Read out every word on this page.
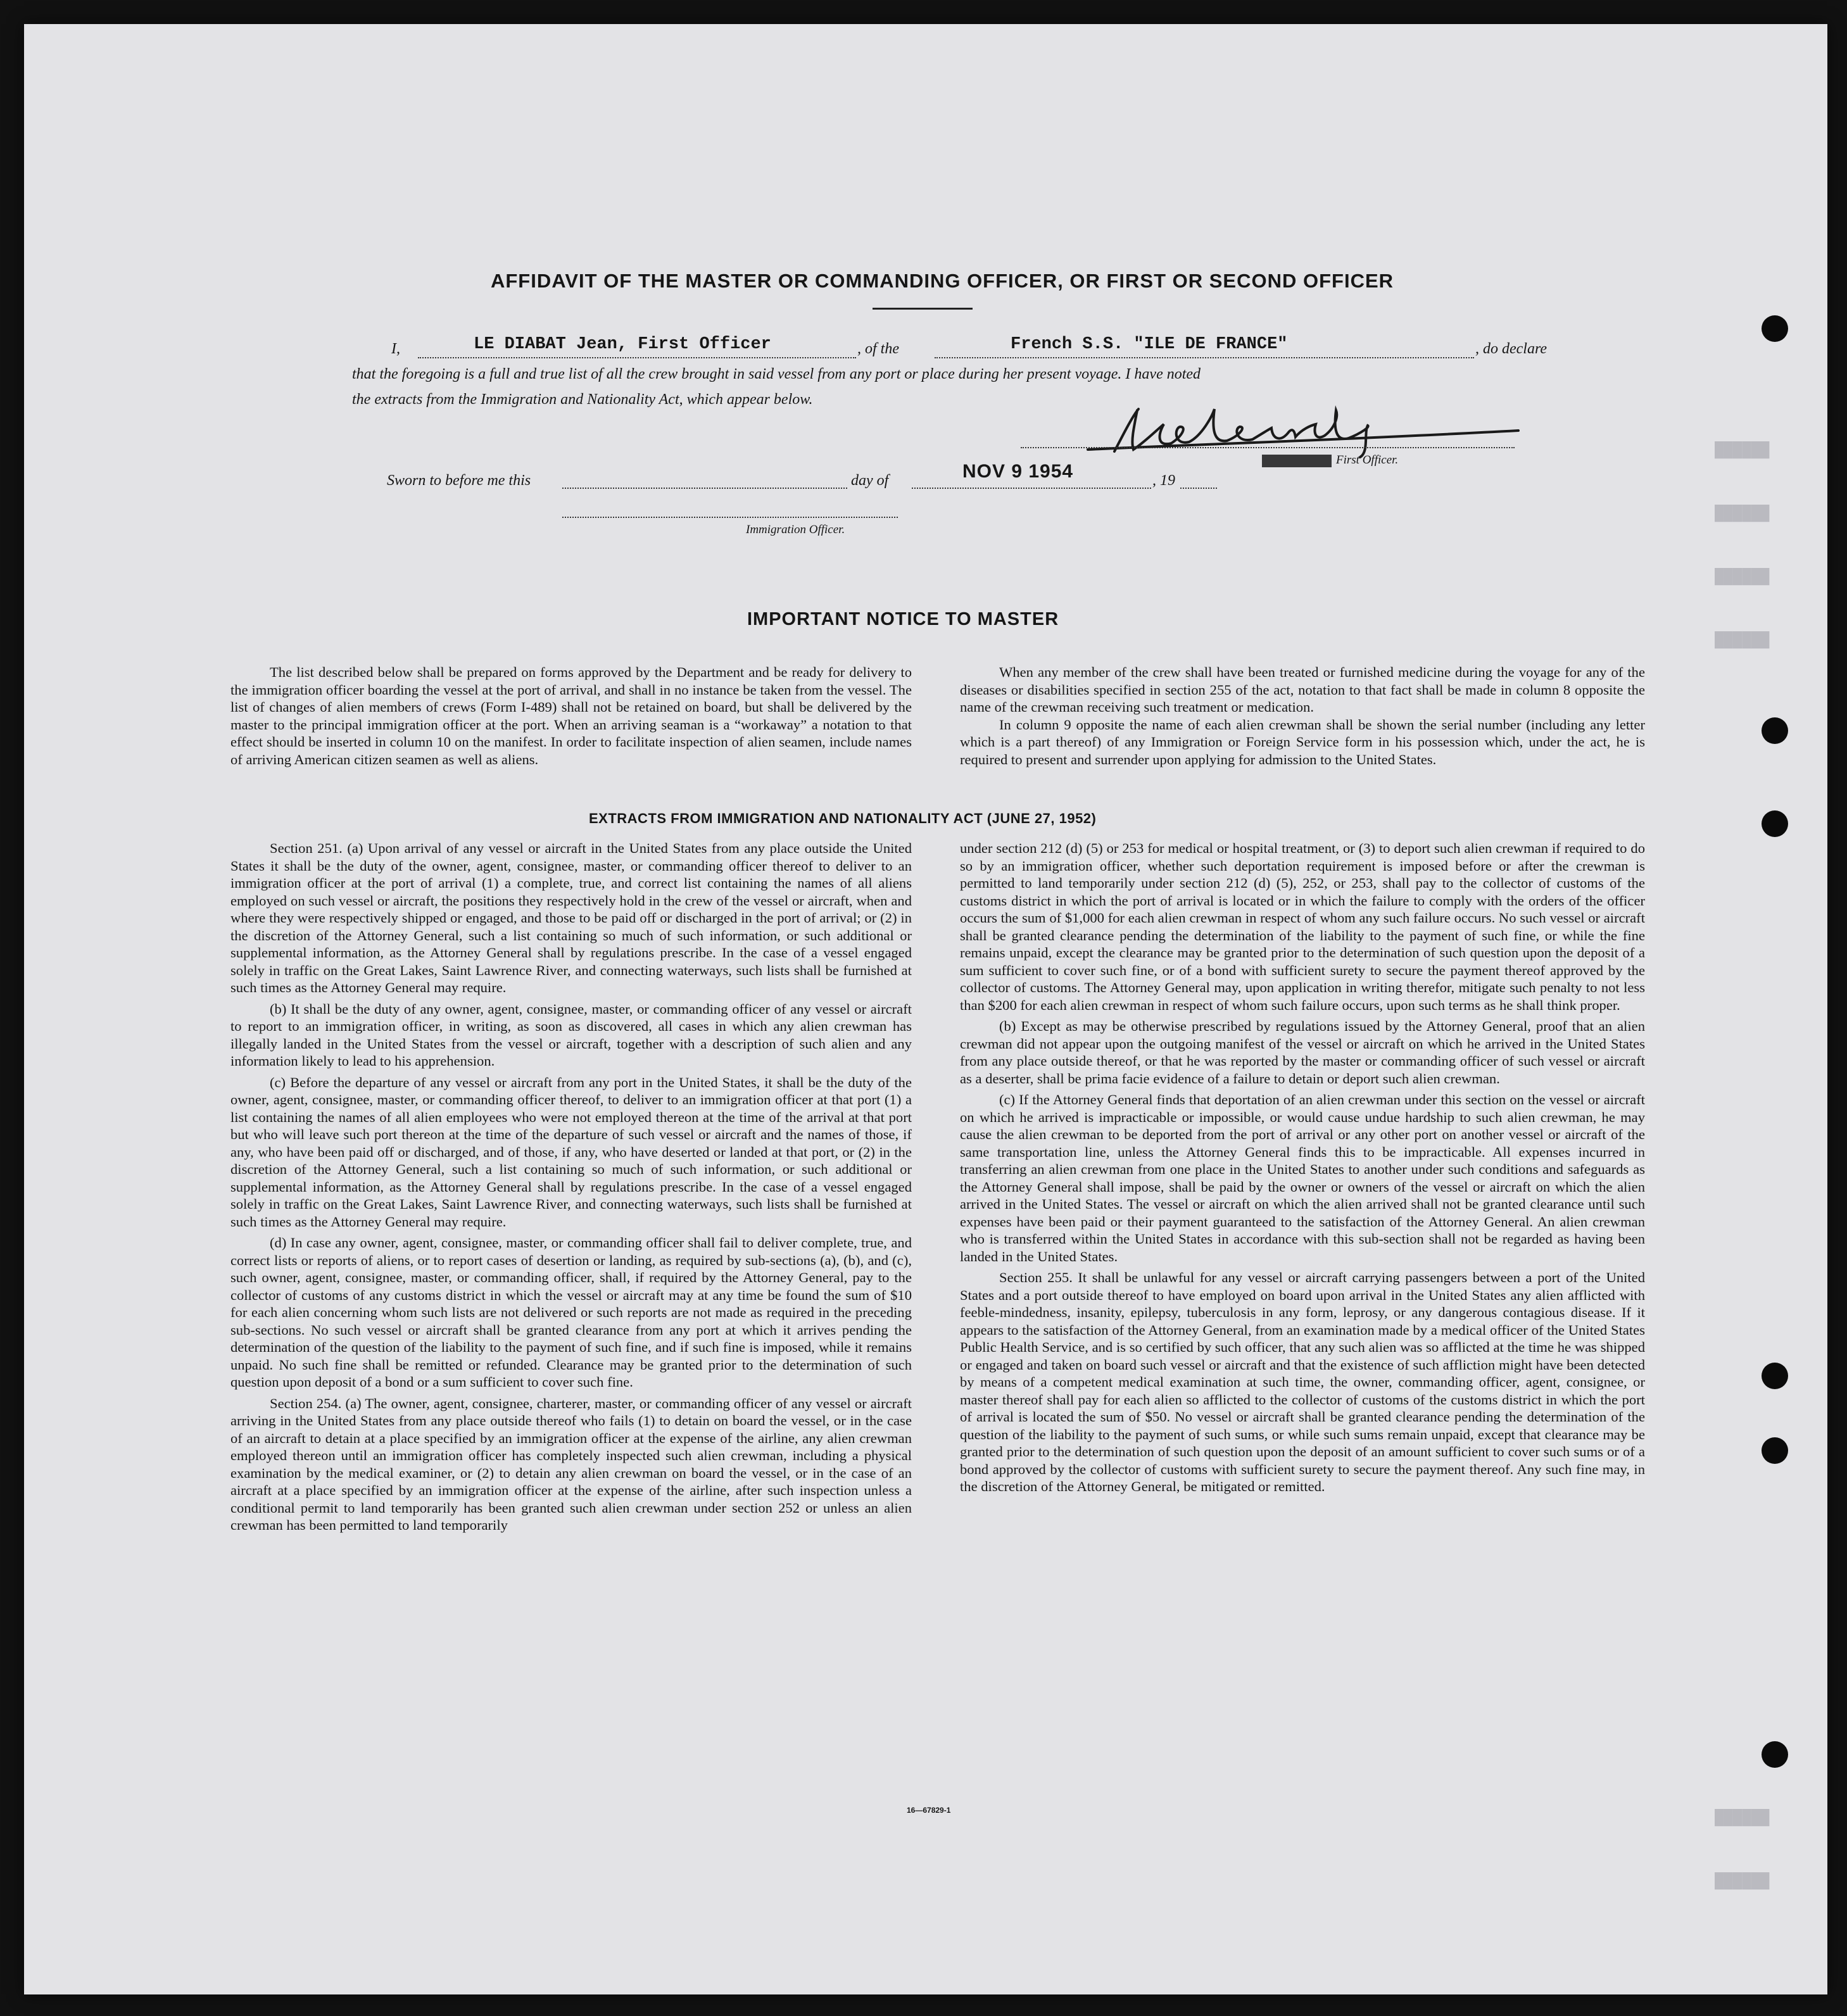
██████
██████
██████
██████
██████
██████
AFFIDAVIT OF THE MASTER OR COMMANDING OFFICER, OR FIRST OR SECOND OFFICER
I,	LE DIABAT Jean, First Officer	, of the	French S.S. "ILE DE FRANCE"	, do declare
that the foregoing is a full and true list of all the crew brought in said vessel from any port or place during her present voyage. I have noted
the extracts from the Immigration and Nationality Act, which appear below.
First Officer.
Sworn to before me this	day of	NOV 9 1954	, 19
Immigration Officer.
IMPORTANT NOTICE TO MASTER

The list described below shall be prepared on forms approved by the Department and be ready for delivery to the immigration officer boarding the vessel at the port of arrival, and shall in no instance be taken from the vessel. The list of changes of alien members of crews (Form I-489) shall not be retained on board, but shall be delivered by the master to the principal immigration officer at the port. When an arriving seaman is a “workaway” a notation to that effect should be inserted in column 10 on the manifest. In order to facilitate inspection of alien seamen, include names of arriving American citizen seamen as well as aliens.

When any member of the crew shall have been treated or furnished medicine during the voyage for any of the diseases or disabilities specified in section 255 of the act, notation to that fact shall be made in column 8 opposite the name of the crewman receiving such treatment or medication.

In column 9 opposite the name of each alien crewman shall be shown the serial number (including any letter which is a part thereof) of any Immigration or Foreign Service form in his possession which, under the act, he is required to present and surrender upon applying for admission to the United States.

EXTRACTS FROM IMMIGRATION AND NATIONALITY ACT (JUNE 27, 1952)

Section 251. (a) Upon arrival of any vessel or aircraft in the United States from any place outside the United States it shall be the duty of the owner, agent, consignee, master, or commanding officer thereof to deliver to an immigration officer at the port of arrival (1) a complete, true, and correct list containing the names of all aliens employed on such vessel or aircraft, the positions they respectively hold in the crew of the vessel or aircraft, when and where they were respectively shipped or engaged, and those to be paid off or discharged in the port of arrival; or (2) in the discretion of the Attorney General, such a list containing so much of such information, or such additional or supplemental information, as the Attorney General shall by regulations prescribe. In the case of a vessel engaged solely in traffic on the Great Lakes, Saint Lawrence River, and connecting waterways, such lists shall be furnished at such times as the Attorney General may require.

(b) It shall be the duty of any owner, agent, consignee, master, or commanding officer of any vessel or aircraft to report to an immigration officer, in writing, as soon as discovered, all cases in which any alien crewman has illegally landed in the United States from the vessel or aircraft, together with a description of such alien and any information likely to lead to his apprehension.

(c) Before the departure of any vessel or aircraft from any port in the United States, it shall be the duty of the owner, agent, consignee, master, or commanding officer thereof, to deliver to an immigration officer at that port (1) a list containing the names of all alien employees who were not employed thereon at the time of the arrival at that port but who will leave such port thereon at the time of the departure of such vessel or aircraft and the names of those, if any, who have been paid off or discharged, and of those, if any, who have deserted or landed at that port, or (2) in the discretion of the Attorney General, such a list containing so much of such information, or such additional or supplemental information, as the Attorney General shall by regulations prescribe. In the case of a vessel engaged solely in traffic on the Great Lakes, Saint Lawrence River, and connecting waterways, such lists shall be furnished at such times as the Attorney General may require.

(d) In case any owner, agent, consignee, master, or commanding officer shall fail to deliver complete, true, and correct lists or reports of aliens, or to report cases of desertion or landing, as required by sub-sections (a), (b), and (c), such owner, agent, consignee, master, or commanding officer, shall, if required by the Attorney General, pay to the collector of customs of any customs district in which the vessel or aircraft may at any time be found the sum of $10 for each alien concerning whom such lists are not delivered or such reports are not made as required in the preceding sub-sections. No such vessel or aircraft shall be granted clearance from any port at which it arrives pending the determination of the question of the liability to the payment of such fine, and if such fine is imposed, while it remains unpaid. No such fine shall be remitted or refunded. Clearance may be granted prior to the determination of such question upon deposit of a bond or a sum sufficient to cover such fine.

Section 254. (a) The owner, agent, consignee, charterer, master, or commanding officer of any vessel or aircraft arriving in the United States from any place outside thereof who fails (1) to detain on board the vessel, or in the case of an aircraft to detain at a place specified by an immigration officer at the expense of the airline, any alien crewman employed thereon until an immigration officer has completely inspected such alien crewman, including a physical examination by the medical examiner, or (2) to detain any alien crewman on board the vessel, or in the case of an aircraft at a place specified by an immigration officer at the expense of the airline, after such inspection unless a conditional permit to land temporarily has been granted such alien crewman under section 252 or unless an alien crewman has been permitted to land temporarily

under section 212 (d) (5) or 253 for medical or hospital treatment, or (3) to deport such alien crewman if required to do so by an immigration officer, whether such deportation requirement is imposed before or after the crewman is permitted to land temporarily under section 212 (d) (5), 252, or 253, shall pay to the collector of customs of the customs district in which the port of arrival is located or in which the failure to comply with the orders of the officer occurs the sum of $1,000 for each alien crewman in respect of whom any such failure occurs. No such vessel or aircraft shall be granted clearance pending the determination of the liability to the payment of such fine, or while the fine remains unpaid, except the clearance may be granted prior to the determination of such question upon the deposit of a sum sufficient to cover such fine, or of a bond with sufficient surety to secure the payment thereof approved by the collector of customs. The Attorney General may, upon application in writing therefor, mitigate such penalty to not less than $200 for each alien crewman in respect of whom such failure occurs, upon such terms as he shall think proper.

(b) Except as may be otherwise prescribed by regulations issued by the Attorney General, proof that an alien crewman did not appear upon the outgoing manifest of the vessel or aircraft on which he arrived in the United States from any place outside thereof, or that he was reported by the master or commanding officer of such vessel or aircraft as a deserter, shall be prima facie evidence of a failure to detain or deport such alien crewman.

(c) If the Attorney General finds that deportation of an alien crewman under this section on the vessel or aircraft on which he arrived is impracticable or impossible, or would cause undue hardship to such alien crewman, he may cause the alien crewman to be deported from the port of arrival or any other port on another vessel or aircraft of the same transportation line, unless the Attorney General finds this to be impracticable. All expenses incurred in transferring an alien crewman from one place in the United States to another under such conditions and safeguards as the Attorney General shall impose, shall be paid by the owner or owners of the vessel or aircraft on which the alien arrived in the United States. The vessel or aircraft on which the alien arrived shall not be granted clearance until such expenses have been paid or their payment guaranteed to the satisfaction of the Attorney General. An alien crewman who is transferred within the United States in accordance with this sub-section shall not be regarded as having been landed in the United States.

Section 255. It shall be unlawful for any vessel or aircraft carrying passengers between a port of the United States and a port outside thereof to have employed on board upon arrival in the United States any alien afflicted with feeble-mindedness, insanity, epilepsy, tuberculosis in any form, leprosy, or any dangerous contagious disease. If it appears to the satisfaction of the Attorney General, from an examination made by a medical officer of the United States Public Health Service, and is so certified by such officer, that any such alien was so afflicted at the time he was shipped or engaged and taken on board such vessel or aircraft and that the existence of such affliction might have been detected by means of a competent medical examination at such time, the owner, commanding officer, agent, consignee, or master thereof shall pay for each alien so afflicted to the collector of customs of the customs district in which the port of arrival is located the sum of $50. No vessel or aircraft shall be granted clearance pending the determination of the question of the liability to the payment of such sums, or while such sums remain unpaid, except that clearance may be granted prior to the determination of such question upon the deposit of an amount sufficient to cover such sums or of a bond approved by the collector of customs with sufficient surety to secure the payment thereof. Any such fine may, in the discretion of the Attorney General, be mitigated or remitted.

16—67829-1
